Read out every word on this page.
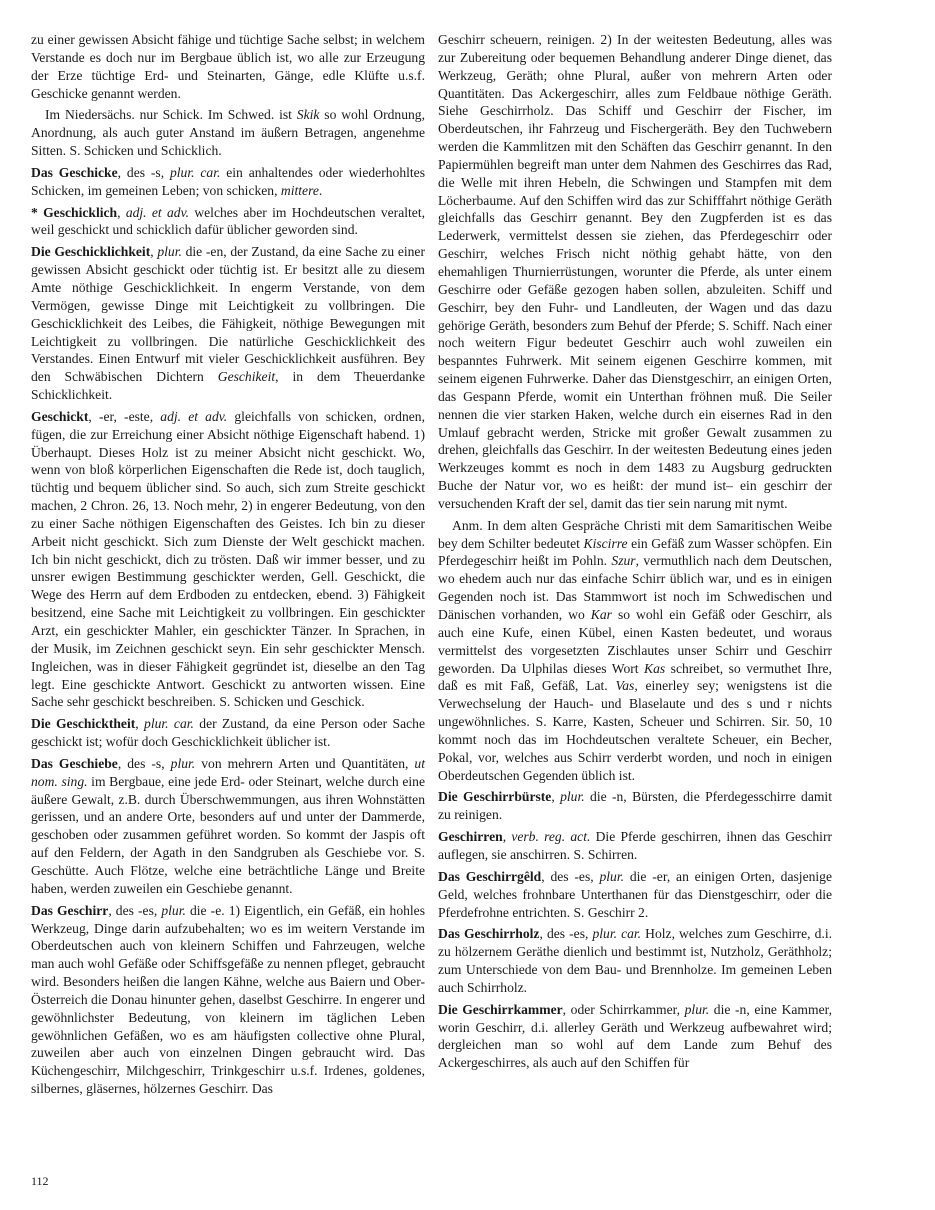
zu einer gewissen Absicht fähige und tüchtige Sache selbst; in welchem Verstande es doch nur im Bergbaue üblich ist, wo alle zur Erzeugung der Erze tüchtige Erd- und Steinarten, Gänge, edle Klüfte u.s.f. Geschicke genannt werden.

Im Niedersächs. nur Schick. Im Schwed. ist Skik so wohl Ordnung, Anordnung, als auch guter Anstand im äußern Betragen, angenehme Sitten. S. Schicken und Schicklich.

Das Geschicke, des -s, plur. car. ein anhaltendes oder wiederhohltes Schicken, im gemeinen Leben; von schicken, mittere.

* Geschicklich, adj. et adv. welches aber im Hochdeutschen veraltet, weil geschickt und schicklich dafür üblicher geworden sind.

Die Geschicklichkeit, plur. die -en, der Zustand, da eine Sache zu einer gewissen Absicht geschickt oder tüchtig ist. Er besitzt alle zu diesem Amte nöthige Geschicklichkeit. In engerm Verstande, von dem Vermögen, gewisse Dinge mit Leichtigkeit zu vollbringen. Die Geschicklichkeit des Leibes, die Fähigkeit, nöthige Bewegungen mit Leichtigkeit zu vollbringen. Die natürliche Geschicklichkeit des Verstandes. Einen Entwurf mit vieler Geschicklichkeit ausführen. Bey den Schwäbischen Dichtern Geschikeit, in dem Theuerdanke Schicklichkeit.

Geschickt, -er, -este, adj. et adv. gleichfalls von schicken, ordnen, fügen, die zur Erreichung einer Absicht nöthige Eigenschaft habend. 1) Überhaupt. Dieses Holz ist zu meiner Absicht nicht geschickt. Wo, wenn von bloß körperlichen Eigenschaften die Rede ist, doch tauglich, tüchtig und bequem üblicher sind. So auch, sich zum Streite geschickt machen, 2 Chron. 26, 13. Noch mehr, 2) in engerer Bedeutung, von den zu einer Sache nöthigen Eigenschaften des Geistes. Ich bin zu dieser Arbeit nicht geschickt. Sich zum Dienste der Welt geschickt machen. Ich bin nicht geschickt, dich zu trösten. Daß wir immer besser, und zu unsrer ewigen Bestimmung geschickter werden, Gell. Geschickt, die Wege des Herrn auf dem Erdboden zu entdecken, ebend. 3) Fähigkeit besitzend, eine Sache mit Leichtigkeit zu vollbringen. Ein geschickter Arzt, ein geschickter Mahler, ein geschickter Tänzer. In Sprachen, in der Musik, im Zeichnen geschickt seyn. Ein sehr geschickter Mensch. Ingleichen, was in dieser Fähigkeit gegründet ist, dieselbe an den Tag legt. Eine geschickte Antwort. Geschickt zu antworten wissen. Eine Sache sehr geschickt beschreiben. S. Schicken und Geschick.

Die Geschicktheit, plur. car. der Zustand, da eine Person oder Sache geschickt ist; wofür doch Geschicklichkeit üblicher ist.

Das Geschiebe, des -s, plur. von mehrern Arten und Quantitäten, ut nom. sing. im Bergbaue, eine jede Erd- oder Steinart, welche durch eine äußere Gewalt, z.B. durch Überschwemmungen, aus ihren Wohnstätten gerissen, und an andere Orte, besonders auf und unter der Dammerde, geschoben oder zusammen geführet worden. So kommt der Jaspis oft auf den Feldern, der Agath in den Sandgruben als Geschiebe vor. S. Geschütte. Auch Flötze, welche eine beträchtliche Länge und Breite haben, werden zuweilen ein Geschiebe genannt.

Das Geschirr, des -es, plur. die -e. 1) Eigentlich, ein Gefäß, ein hohles Werkzeug, Dinge darin aufzubehalten; wo es im weitern Verstande im Oberdeutschen auch von kleinern Schiffen und Fahrzeugen, welche man auch wohl Gefäße oder Schiffsgefäße zu nennen pfleget, gebraucht wird. Besonders heißen die langen Kähne, welche aus Baiern und Ober-Österreich die Donau hinunter gehen, daselbst Geschirre. In engerer und gewöhnlichster Bedeutung, von kleinern im täglichen Leben gewöhnlichen Gefäßen, wo es am häufigsten collective ohne Plural, zuweilen aber auch von einzelnen Dingen gebraucht wird. Das Küchengeschirr, Milchgeschirr, Trinkgeschirr u.s.f. Irdenes, goldenes, silbernes, gläsernes, hölzernes Geschirr. Das

Geschirr scheuern, reinigen. 2) In der weitesten Bedeutung, alles was zur Zubereitung oder bequemen Behandlung anderer Dinge dienet, das Werkzeug, Geräth; ohne Plural, außer von mehrern Arten oder Quantitäten. Das Ackergeschirr, alles zum Feldbaue nöthige Geräth. Siehe Geschirrholz. Das Schiff und Geschirr der Fischer, im Oberdeutschen, ihr Fahrzeug und Fischergeräth. Bey den Tuchwebern werden die Kammlitzen mit den Schäften das Geschirr genannt. In den Papiermühlen begreift man unter dem Nahmen des Geschirres das Rad, die Welle mit ihren Hebeln, die Schwingen und Stampfen mit dem Löcherbaume. Auf den Schiffen wird das zur Schifffahrt nöthige Geräth gleichfalls das Geschirr genannt. Bey den Zugpferden ist es das Lederwerk, vermittelst dessen sie ziehen, das Pferdegeschirr oder Geschirr, welches Frisch nicht nöthig gehabt hätte, von den ehemahligen Thurnierrüstungen, worunter die Pferde, als unter einem Geschirre oder Gefäße gezogen haben sollen, abzuleiten. Schiff und Geschirr, bey den Fuhr- und Landleuten, der Wagen und das dazu gehörige Geräth, besonders zum Behuf der Pferde; S. Schiff. Nach einer noch weitern Figur bedeutet Geschirr auch wohl zuweilen ein bespanntes Fuhrwerk. Mit seinem eigenen Geschirre kommen, mit seinem eigenen Fuhrwerke. Daher das Dienstgeschirr, an einigen Orten, das Gespann Pferde, womit ein Unterthan fröhnen muß. Die Seiler nennen die vier starken Haken, welche durch ein eisernes Rad in den Umlauf gebracht werden, Stricke mit großer Gewalt zusammen zu drehen, gleichfalls das Geschirr. In der weitesten Bedeutung eines jeden Werkzeuges kommt es noch in dem 1483 zu Augsburg gedruckten Buche der Natur vor, wo es heißt: der mund ist– ein geschirr der versuchenden Kraft der sel, damit das tier sein narung mit nymt.

Anm. In dem alten Gespräche Christi mit dem Samaritischen Weibe bey dem Schilter bedeutet Kiscirre ein Gefäß zum Wasser schöpfen. Ein Pferdegeschirr heißt im Pohln. Szur, vermuthlich nach dem Deutschen, wo ehedem auch nur das einfache Schirr üblich war, und es in einigen Gegenden noch ist. Das Stammwort ist noch im Schwedischen und Dänischen vorhanden, wo Kar so wohl ein Gefäß oder Geschirr, als auch eine Kufe, einen Kübel, einen Kasten bedeutet, und woraus vermittelst des vorgesetzten Zischlautes unser Schirr und Geschirr geworden. Da Ulphilas dieses Wort Kas schreibet, so vermuthet Ihre, daß es mit Faß, Gefäß, Lat. Vas, einerley sey; wenigstens ist die Verwechselung der Hauch- und Blaselaute und des s und r nichts ungewöhnliches. S. Karre, Kasten, Scheuer und Schirren. Sir. 50, 10 kommt noch das im Hochdeutschen veraltete Scheuer, ein Becher, Pokal, vor, welches aus Schirr verderbt worden, und noch in einigen Oberdeutschen Gegenden üblich ist.

Die Geschirrbürste, plur. die -n, Bürsten, die Pferdegesschirre damit zu reinigen.

Geschirren, verb. reg. act. Die Pferde geschirren, ihnen das Geschirr auflegen, sie anschirren. S. Schirren.

Das Geschirrgêld, des -es, plur. die -er, an einigen Orten, dasjenige Geld, welches frohnbare Unterthanen für das Dienstgeschirr, oder die Pferdefrohne entrichten. S. Geschirr 2.

Das Geschirrholz, des -es, plur. car. Holz, welches zum Geschirre, d.i. zu hölzernem Geräthe dienlich und bestimmt ist, Nutzholz, Geräthholz; zum Unterschiede von dem Bau- und Brennholze. Im gemeinen Leben auch Schirrholz.

Die Geschirrkammer, oder Schirrkammer, plur. die -n, eine Kammer, worin Geschirr, d.i. allerley Geräth und Werkzeug aufbewahret wird; dergleichen man so wohl auf dem Lande zum Behuf des Ackergeschirres, als auch auf den Schiffen für

112
